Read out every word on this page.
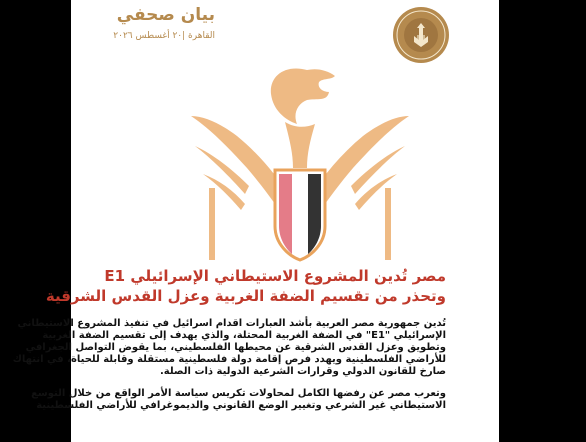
بيان صحفي
القاهرة |٢٠ أغسطس ٢٠٢٦
مصر تُدين المشروع الاستيطاني الإسرائيلي E1
وتحذر من تقسيم الضفة الغربية وعزل القدس الشرقية
تُدين جمهورية مصر العربية بأشد العبارات اقدام اسرائيل في تنفيذ المشروع الاستيطاني
الإسرائيلي "E1" في الضفة الغربية المحتلة، والذي يهدف إلى تقسيم الضفة الغربية
وتطويق وعزل القدس الشرقية عن محيطها الفلسطيني، بما يقوض التواصل الجغرافي
للأراضي الفلسطينية ويهدد فرص إقامة دولة فلسطينية مستقلة وقابلة للحياة، في انتهاك
صارخ للقانون الدولي وقرارات الشرعية الدولية ذات الصلة.
وتعرب مصر عن رفضها الكامل لمحاولات تكريس سياسة الأمر الواقع من خلال التوسع
الاستيطاني غير الشرعي وتغيير الوضع القانوني والديموغرافي للأراضي الفلسطينية
